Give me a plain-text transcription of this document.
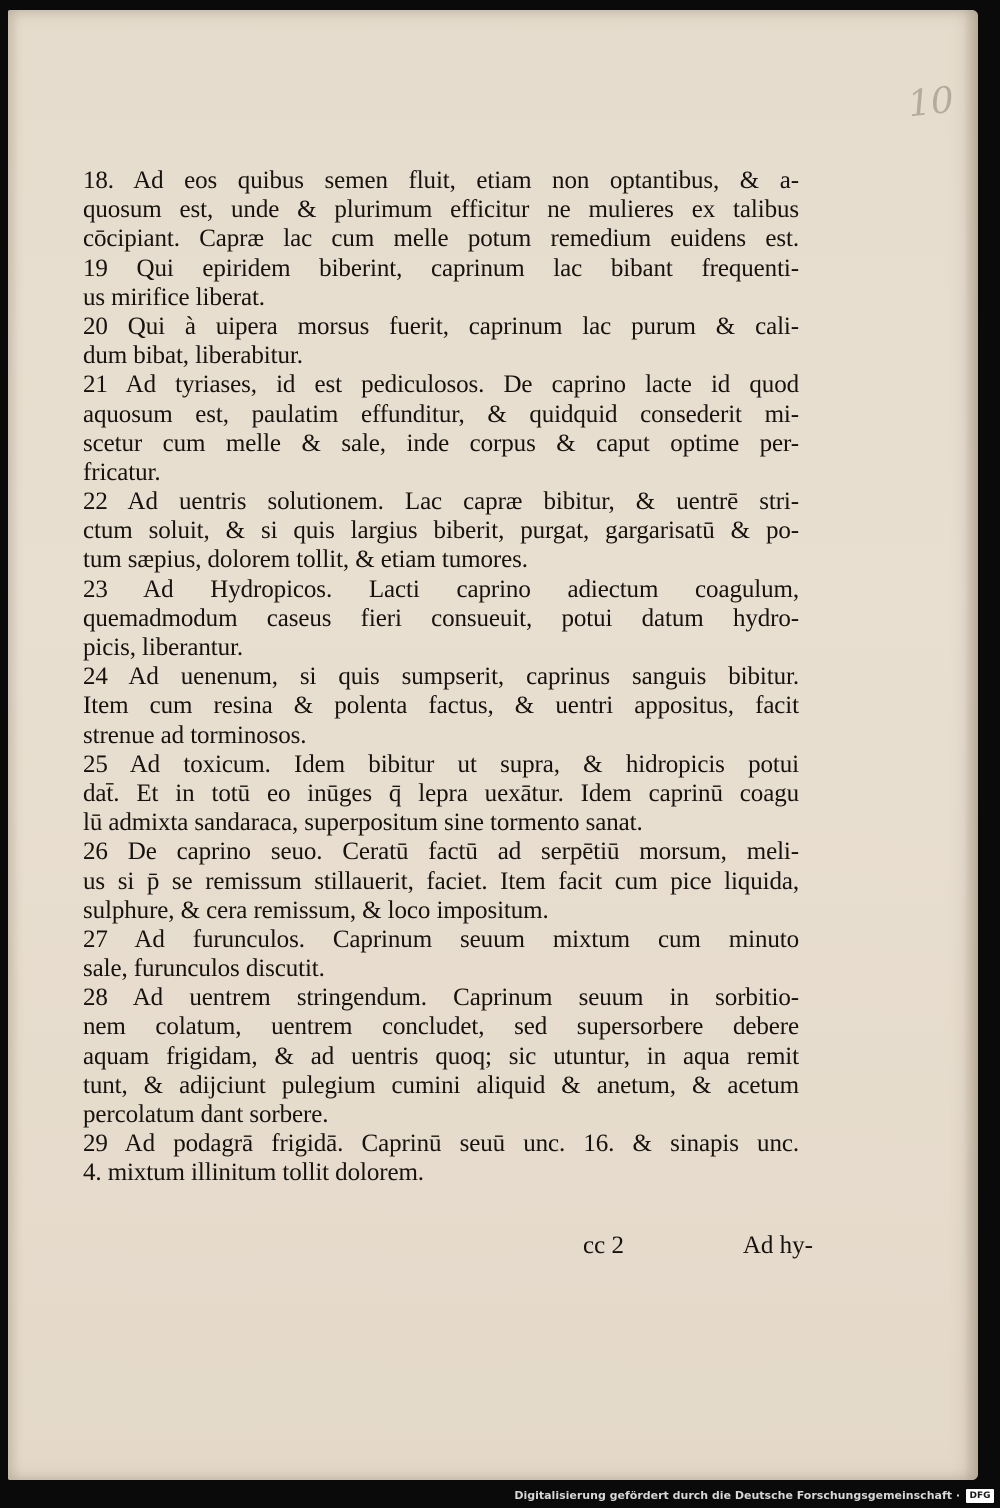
10
18. Ad eos quibus semen fluit, etiam non optantibus, & a-
quosum est, unde & plurimum efficitur ne mulieres ex talibus
cōcipiant. Capræ lac cum melle potum remedium euidens est.
19 Qui epiridem biberint, caprinum lac bibant frequenti-
us mirifice liberat.
20 Qui à uipera morsus fuerit, caprinum lac purum & cali-
dum bibat, liberabitur.
21 Ad tyriases, id est pediculosos. De caprino lacte id quod
aquosum est, paulatim effunditur, & quidquid consederit mi-
scetur cum melle & sale, inde corpus & caput optime per-
fricatur.
22 Ad uentris solutionem. Lac capræ bibitur, & uentrē stri-
ctum soluit, & si quis largius biberit, purgat, gargarisatū & po-
tum sæpius, dolorem tollit, & etiam tumores.
23 Ad Hydropicos. Lacti caprino adiectum coagulum,
quemadmodum caseus fieri consueuit, potui datum hydro-
picis, liberantur.
24 Ad uenenum, si quis sumpserit, caprinus sanguis bibitur.
Item cum resina & polenta factus, & uentri appositus, facit
strenue ad torminosos.
25 Ad toxicum. Idem bibitur ut supra, & hidropicis potui
dat̄. Et in totū eo inūges q̄ lepra uexātur. Idem caprinū coagu
lū admixta sandaraca, superpositum sine tormento sanat.
26 De caprino seuo. Ceratū factū ad serpētiū morsum, meli-
us si p̄ se remissum stillauerit, faciet. Item facit cum pice liquida,
sulphure, & cera remissum, & loco impositum.
27 Ad furunculos. Caprinum seuum mixtum cum minuto
sale, furunculos discutit.
28 Ad uentrem stringendum. Caprinum seuum in sorbitio-
nem colatum, uentrem concludet, sed supersorbere debere
aquam frigidam, & ad uentris quoq; sic utuntur, in aqua remit
tunt, & adijciunt pulegium cumini aliquid & anetum, & acetum
percolatum dant sorbere.
29 Ad podagrā frigidā. Caprinū seuū unc. 16. & sinapis unc.
4. mixtum illinitum tollit dolorem.
cc 2	Ad hy-
Digitalisierung gefördert durch die Deutsche Forschungsgemeinschaft ·	DFG
